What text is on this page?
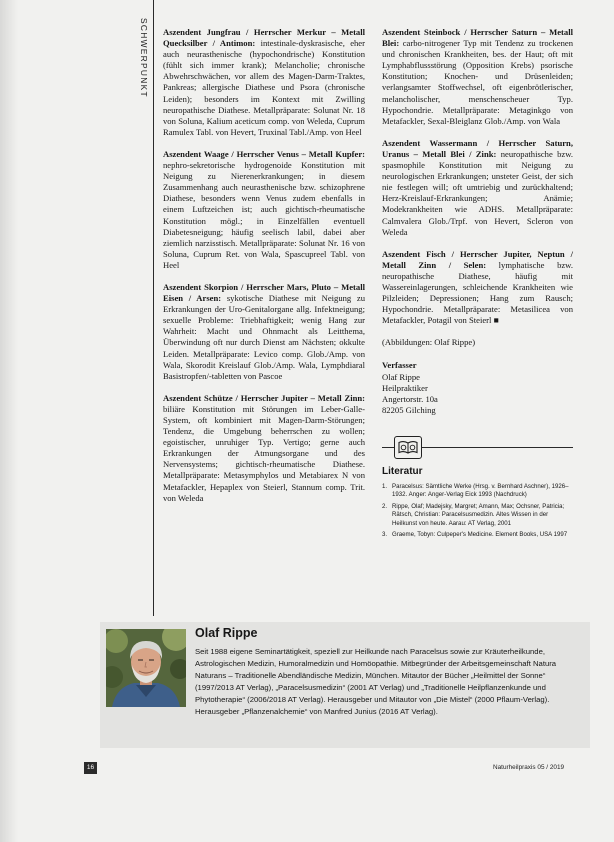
SCHWERPUNKT Aszendent Jungfrau / Herrscher Merkur – Metall Quecksilber / Antimon: intestinale-dyskrasische, eher auch neurasthenische (hypochondrische) Konstitution (fühlt sich immer krank); Melancholie; chronische Abwehrschwächen, vor allem des Magen-Darm-Traktes, Pankreas; allergische Diathese und Psora (chronische Leiden); besonders im Kontext mit Zwilling neuropathische Diathese. Metallpräparate: Solunat Nr. 18 von Soluna, Kalium aceticum comp. von Weleda, Cuprum Ramulex Tabl. von Hevert, Truxinal Tabl./Amp. von Heel

Aszendent Waage / Herrscher Venus – Metall Kupfer: nephro-sekretorische hydrogenoide Konstitution mit Neigung zu Nierenerkrankungen; in diesem Zusammenhang auch neurasthenische bzw. schizophrene Diathese, besonders wenn Venus zudem ebenfalls in einem Luftzeichen ist; auch gichtisch-rheumatische Konstitution mögl.; in Einzelfällen eventuell Diabetesneigung; häufig seelisch labil, dabei aber ziemlich narzisstisch. Metallpräparate: Solunat Nr. 16 von Soluna, Cuprum Ret. von Wala, Spascupreel Tabl. von Heel

Aszendent Skorpion / Herrscher Mars, Pluto – Metall Eisen / Arsen: sykotische Diathese mit Neigung zu Erkrankungen der Uro-Genitalorgane allg. Infektneigung; sexuelle Probleme: Triebhaftigkeit; wenig Hang zur Wahrheit: Macht und Ohnmacht als Leitthema, Überwindung oft nur durch Dienst am Nächsten; okkulte Leiden. Metallpräparate: Levico comp. Glob./Amp. von Wala, Skorodit Kreislauf Glob./Amp. Wala, Lymphdiaral Basistropfen/-tabletten von Pascoe

Aszendent Schütze / Herrscher Jupiter – Metall Zinn: biliäre Konstitution mit Störungen im Leber-Galle-System, oft kombiniert mit Magen-Darm-Störungen; Tendenz, die Umgebung beherrschen zu wollen; egoistischer, unruhiger Typ. Vertigo; gerne auch Erkrankungen der Atmungsorgane und des Nervensystems; gichtisch-rheumatische Diathese. Metallpräparate: Metasymphylos und Metabiarex N von Metafackler, Hepaplex von Steierl, Stannum comp. Trit. von Weleda

Aszendent Steinbock / Herrscher Saturn – Metall Blei: carbo-nitrogener Typ mit Tendenz zu trockenen und chronischen Krankheiten, bes. der Haut; oft mit Lymphabflussstörung (Opposition Krebs) psorische Konstitution; Knochen- und Drüsenleiden; verlangsamter Stoffwechsel, oft eigenbrötlerischer, melancholischer, menschenscheuer Typ. Hypochondrie. Metallpräparate: Metaginkgo von Metafackler, Sexal-Bleiglanz Glob./Amp. von Wala

Aszendent Wassermann / Herrscher Saturn, Uranus – Metall Blei / Zink: neuropathische bzw. spasmophile Konstitution mit Neigung zu neurologischen Erkrankungen; unsteter Geist, der sich nie festlegen will; oft umtriebig und zurückhaltend; Herz-Kreislauf-Erkrankungen; Anämie; Modekrankheiten wie ADHS. Metallpräparate: Calmvalera Glob./Trpf. von Hevert, Scleron von Weleda

Aszendent Fisch / Herrscher Jupiter, Neptun / Metall Zinn / Selen: lymphatische bzw. neuropathische Diathese, häufig mit Wassereinlagerungen, schleichende Krankheiten wie Pilzleiden; Depressionen; Hang zum Rausch; Hypochondrie. Metallpräparate: Metasilicea von Metafackler, Potagil von Steierl ■

(Abbildungen: Olaf Rippe)

Verfasser
Olaf Rippe
Heilpraktiker
Angertorstr. 10a
82205 Gilching
Literatur
1. Paracelsus: Sämtliche Werke (Hrsg. v. Bernhard Aschner), 1926–1932. Anger: Anger-Verlag Eick 1993 (Nachdruck)
2. Rippe, Olaf; Madejsky, Margret; Amann, Max; Ochsner, Patricia; Rätsch, Christian: Paracelsusmedizin. Altes Wissen in der Heilkunst von heute. Aarau: AT Verlag, 2001
3. Graeme, Tobyn: Culpeper's Medicine. Element Books, USA 1997
Olaf Rippe
Seit 1988 eigene Seminartätigkeit, speziell zur Heilkunde nach Paracelsus sowie zur Kräuterheilkunde, Astrologischen Medizin, Humoralmedizin und Homöopathie. Mitbegründer der Arbeitsgemeinschaft Natura Naturans – Traditionelle Abendländische Medizin, München. Mitautor der Bücher „Heilmittel der Sonne“ (1997/2013 AT Verlag), „Paracelsusmedizin“ (2001 AT Verlag) und „Traditionelle Heilpflanzenkunde und Phytotherapie“ (2006/2018 AT Verlag). Herausgeber und Mitautor von „Die Mistel“ (2000 Pflaum-Verlag). Herausgeber „Pflanzenalchemie“ von Manfred Junius (2016 AT Verlag).
16	Naturheilpraxis 05 / 2019
